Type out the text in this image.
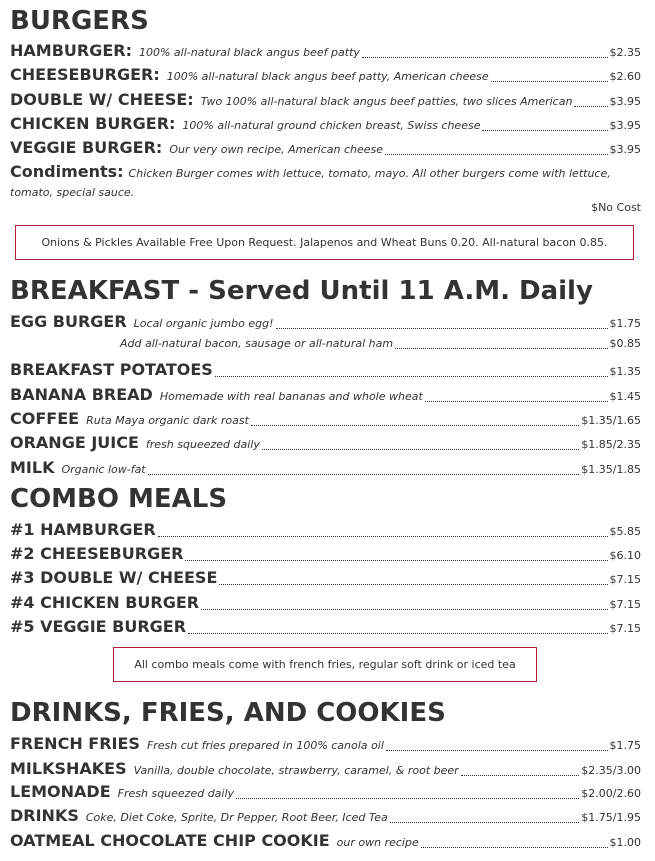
BURGERS
HAMBURGER: 100% all-natural black angus beef patty	$2.35
CHEESEBURGER: 100% all-natural black angus beef patty, American cheese	$2.60
DOUBLE W/ CHEESE: Two 100% all-natural black angus beef patties, two slices American	$3.95
CHICKEN BURGER: 100% all-natural ground chicken breast, Swiss cheese	$3.95
VEGGIE BURGER: Our very own recipe, American cheese	$3.95
Condiments: Chicken Burger comes with lettuce, tomato, mayo. All other burgers come with lettuce, tomato, special sauce.
$No Cost
Onions & Pickles Available Free Upon Request. Jalapenos and Wheat Buns 0.20. All-natural bacon 0.85.
BREAKFAST - Served Until 11 A.M. Daily
EGG BURGER Local organic jumbo egg!	$1.75
Add all-natural bacon, sausage or all-natural ham	$0.85
BREAKFAST POTATOES	$1.35
BANANA BREAD Homemade with real bananas and whole wheat	$1.45
COFFEE Ruta Maya organic dark roast	$1.35/1.65
ORANGE JUICE fresh squeezed daily	$1.85/2.35
MILK Organic low-fat	$1.35/1.85
COMBO MEALS
#1 HAMBURGER	$5.85
#2 CHEESEBURGER	$6.10
#3 DOUBLE W/ CHEESE	$7.15
#4 CHICKEN BURGER	$7.15
#5 VEGGIE BURGER	$7.15
All combo meals come with french fries, regular soft drink or iced tea
DRINKS, FRIES, AND COOKIES
FRENCH FRIES Fresh cut fries prepared in 100% canola oil	$1.75
MILKSHAKES Vanilla, double chocolate, strawberry, caramel, & root beer	$2.35/3.00
LEMONADE Fresh squeezed daily	$2.00/2.60
DRINKS Coke, Diet Coke, Sprite, Dr Pepper, Root Beer, Iced Tea	$1.75/1.95
OATMEAL CHOCOLATE CHIP COOKIE our own recipe	$1.00
